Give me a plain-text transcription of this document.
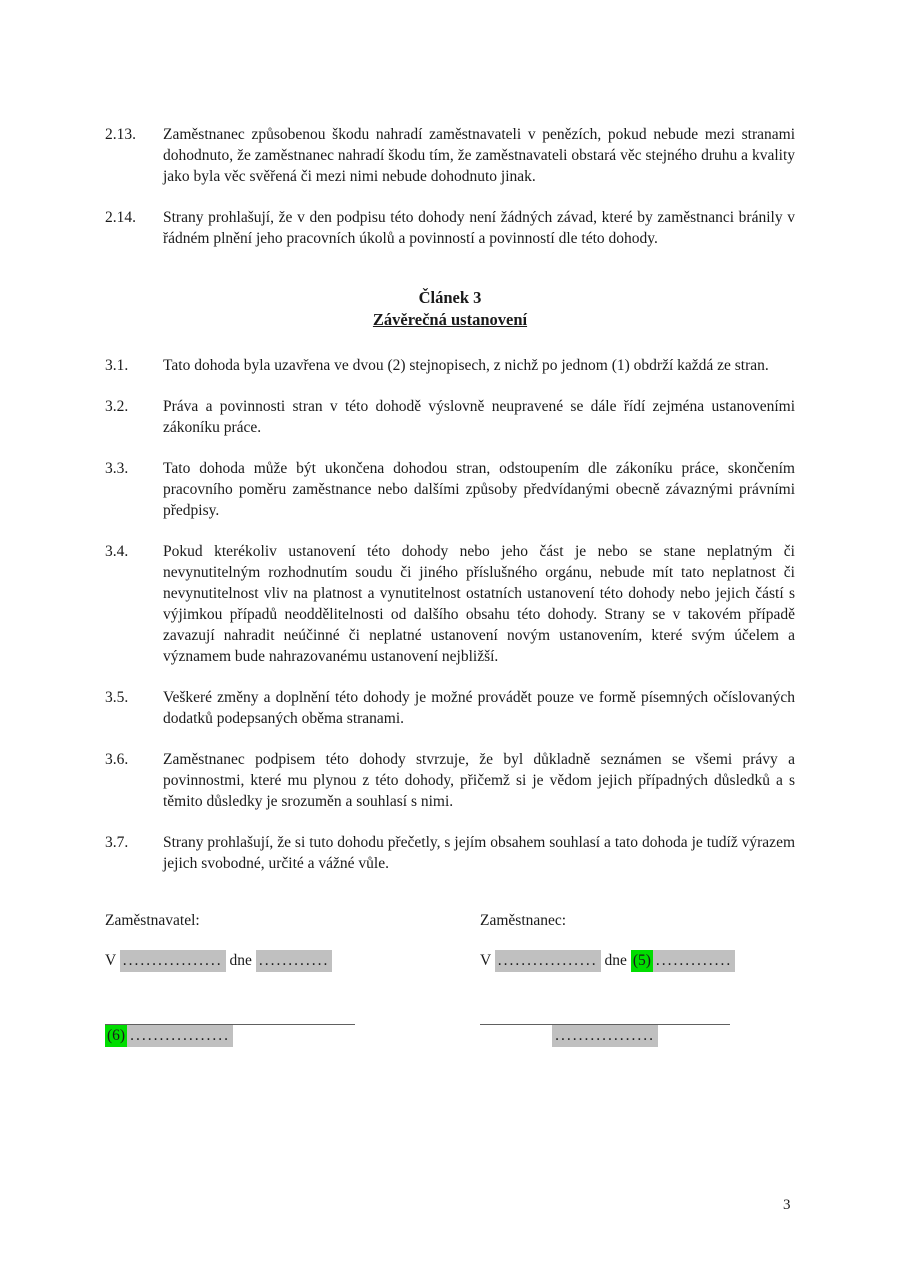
2.13.	Zaměstnanec způsobenou škodu nahradí zaměstnavateli v penězích, pokud nebude mezi stranami dohodnuto, že zaměstnanec nahradí škodu tím, že zaměstnavateli obstará věc stejného druhu a kvality jako byla věc svěřená či mezi nimi nebude dohodnuto jinak.

2.14.	Strany prohlašují, že v den podpisu této dohody není žádných závad, které by zaměstnanci bránily v řádném plnění jeho pracovních úkolů a povinností a povinností dle této dohody.

Článek 3
Závěrečná ustanovení
3.1.	Tato dohoda byla uzavřena ve dvou (2) stejnopisech, z nichž po jednom (1) obdrží každá ze stran.

3.2.	Práva a povinnosti stran v této dohodě výslovně neupravené se dále řídí zejména ustanoveními zákoníku práce.

3.3.	Tato dohoda může být ukončena dohodou stran, odstoupením dle zákoníku práce, skončením pracovního poměru zaměstnance nebo dalšími způsoby předvídanými obecně závaznými právními předpisy.

3.4.	Pokud kterékoliv ustanovení této dohody nebo jeho část je nebo se stane neplatným či nevynutitelným rozhodnutím soudu či jiného příslušného orgánu, nebude mít tato neplatnost či nevynutitelnost vliv na platnost a vynutitelnost ostatních ustanovení této dohody nebo jejich částí s výjimkou případů neoddělitelnosti od dalšího obsahu této dohody. Strany se v takovém případě zavazují nahradit neúčinné či neplatné ustanovení novým ustanovením, které svým účelem a významem bude nahrazovanému ustanovení nejbližší.

3.5.	Veškeré změny a doplnění této dohody je možné provádět pouze ve formě písemných očíslovaných dodatků podepsaných oběma stranami.

3.6.	Zaměstnanec podpisem této dohody stvrzuje, že byl důkladně seznámen se všemi právy a povinnostmi, které mu plynou z této dohody, přičemž si je vědom jejich případných důsledků a s těmito důsledky je srozuměn a souhlasí s nimi.

3.7.	Strany prohlašují, že si tuto dohodu přečetly, s jejím obsahem souhlasí a tato dohoda je tudíž výrazem jejich svobodné, určité a vážné vůle.

Zaměstnavatel:
V ................. dne ............
(6) .................
Zaměstnanec:
V ................. dne (5) .............
.................
3
